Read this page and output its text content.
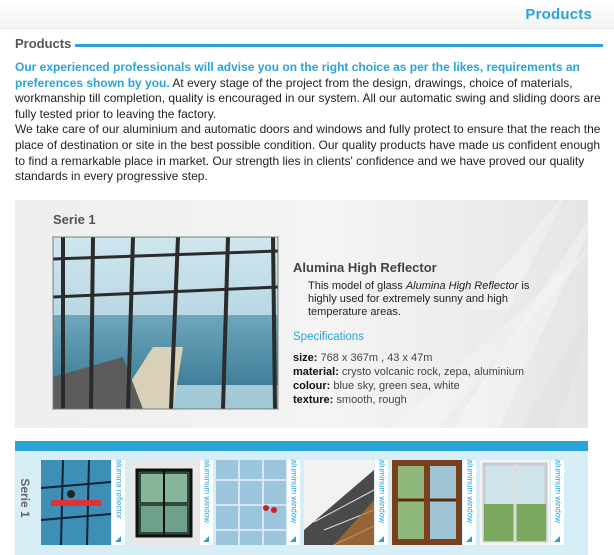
Products
Products

Our experienced professionals will advise you on the right choice as per the likes, requirements an preferences shown by you. At every stage of the project from the design, drawings, choice of materials, workmanship till completion, quality is encouraged in our system. All our automatic swing and sliding doors are fully tested prior to leaving the factory.

We take care of our aluminium and automatic doors and windows and fully protect to ensure that the reach the place of destination or site in the best possible condition. Our quality products have made us confident enough to find a remarkable place in market. Our strength lies in clients' confidence and we have proved our quality standards in every progressive step.

Serie 1
Alumina High Reflector
This model of glass Alumina High Reflector is highly used for extremely sunny and high temperature areas.
Specifications
size: 768 x 367m , 43 x 47m
material: crysto volcanic rock, zepa, aluminium
colour: blue sky, green sea, white
texture: smooth, rough
Serie 1	alumina reflector	aluminum window	aluminum window	aluminum window	aluminum window	aluminum window
